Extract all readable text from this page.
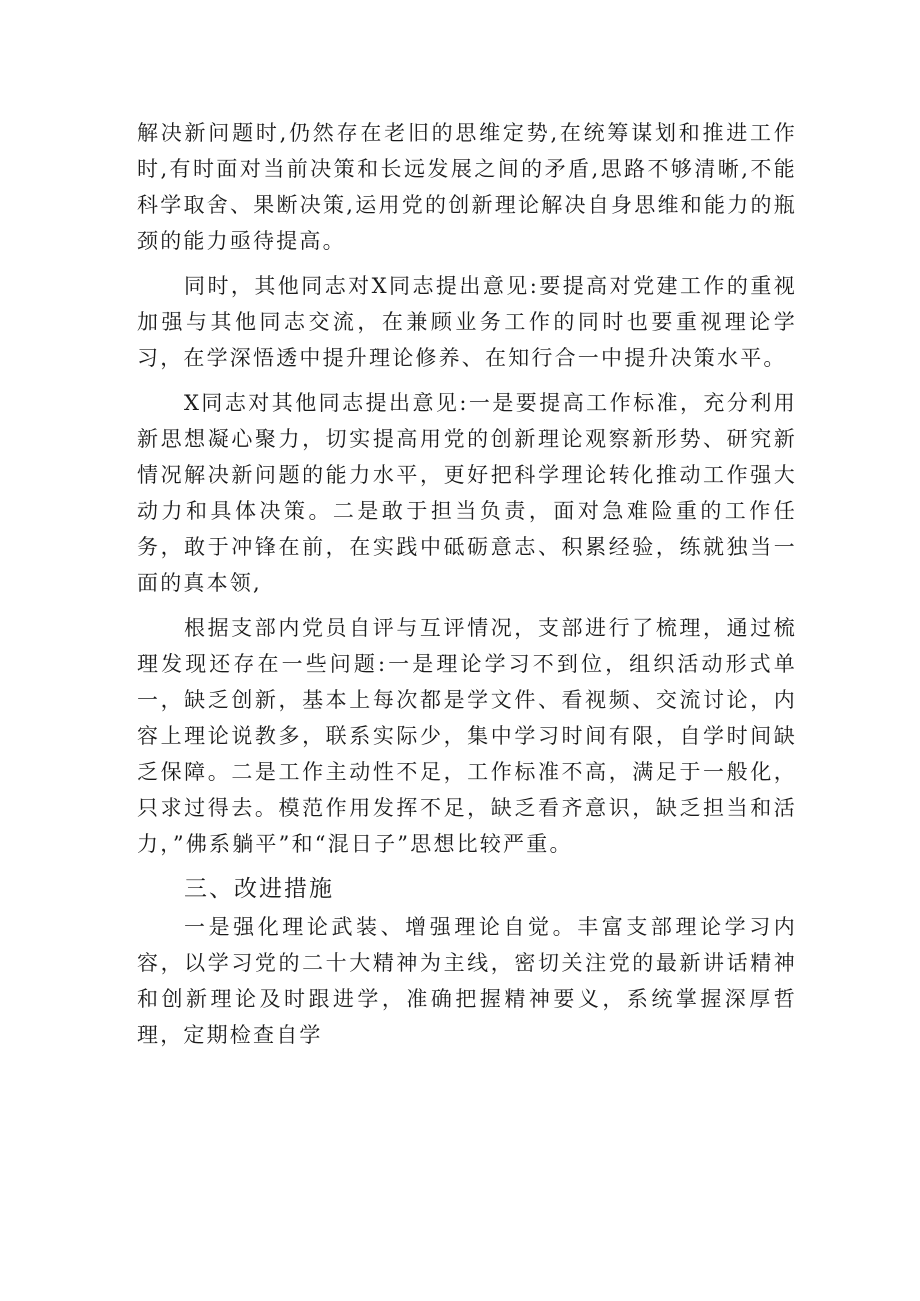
解决新问题时,仍然存在老旧的思维定势,在统筹谋划和推进工作时,有时面对当前决策和长远发展之间的矛盾,思路不够清晰,不能科学取舍、果断决策,运用党的创新理论解决自身思维和能力的瓶颈的能力亟待提高。

同时，其他同志对X同志提出意见:要提高对党建工作的重视加强与其他同志交流，在兼顾业务工作的同时也要重视理论学习，在学深悟透中提升理论修养、在知行合一中提升决策水平。

X同志对其他同志提出意见:一是要提高工作标准，充分利用新思想凝心聚力，切实提高用党的创新理论观察新形势、研究新情况解决新问题的能力水平，更好把科学理论转化推动工作强大动力和具体决策。二是敢于担当负责，面对急难险重的工作任务，敢于冲锋在前，在实践中砥砺意志、积累经验，练就独当一面的真本领,

根据支部内党员自评与互评情况，支部进行了梳理，通过梳理发现还存在一些问题:一是理论学习不到位，组织活动形式单一，缺乏创新，基本上每次都是学文件、看视频、交流讨论，内容上理论说教多，联系实际少，集中学习时间有限，自学时间缺乏保障。二是工作主动性不足，工作标准不高，满足于一般化，只求过得去。模范作用发挥不足，缺乏看齐意识，缺乏担当和活力，”佛系躺平”和“混日子”思想比较严重。

三、改进措施

一是强化理论武装、增强理论自觉。丰富支部理论学习内容，以学习党的二十大精神为主线，密切关注党的最新讲话精神和创新理论及时跟进学，准确把握精神要义，系统掌握深厚哲理，定期检查自学
